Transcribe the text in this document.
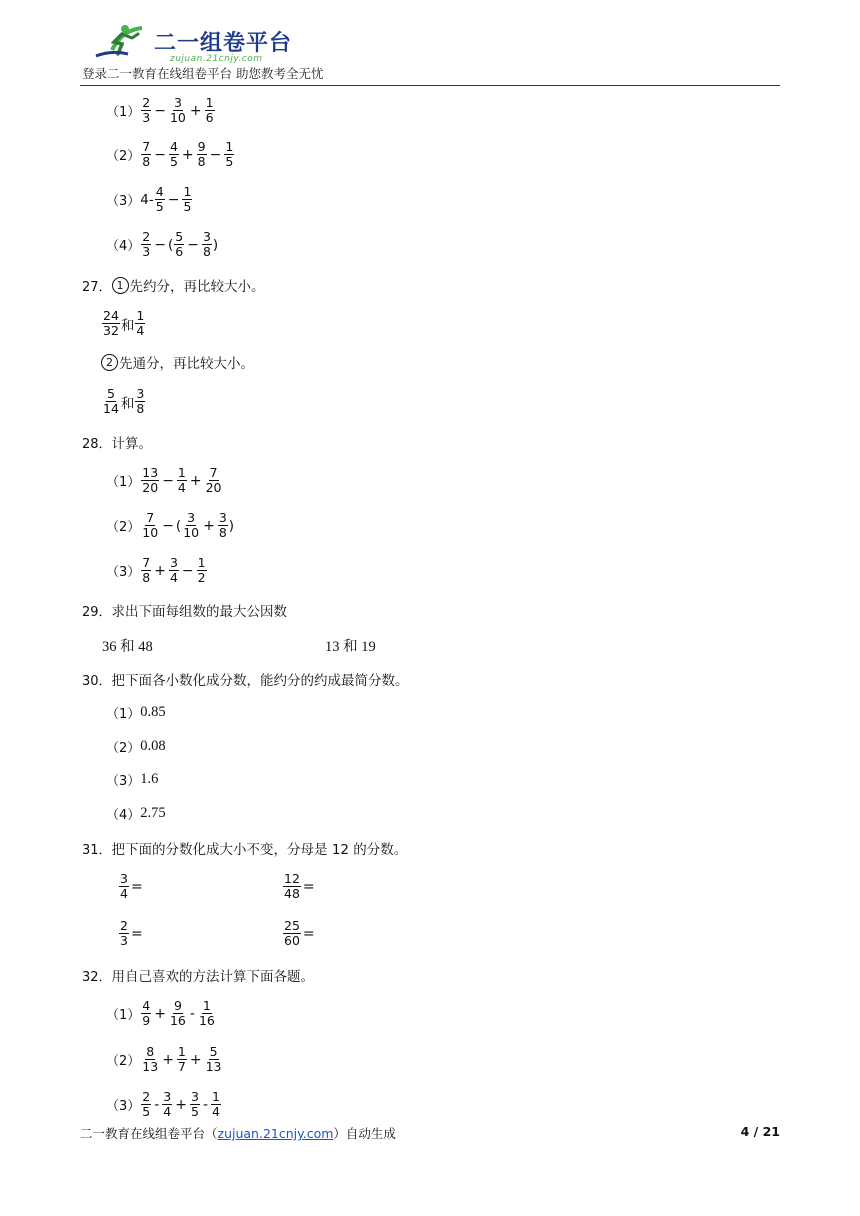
二一组卷平台
zujuan.21cnjy.com
登录二一教育在线组卷平台 助您教考全无忧
$(1) \frac{2}{3} - \frac{3}{10} + \frac{1}{6}$
$(2) \frac{7}{8} - \frac{4}{5} + \frac{9}{8} - \frac{1}{5}$
（3） $4- \frac{4}{5} - \frac{1}{5}$
$(4) \frac{2}{3}$ − ( $\frac{5}{6} - \frac{3}{8}$ )
27． 1 先约分，再比较大小。
$\frac{24}{32}$ 和 $\frac{1}{4}$
2 先通分，再比较大小。
$\frac{5}{14}$ 和 $\frac{3}{8}$
28． 计算。
$(1) \frac{13}{20} - \frac{1}{4} + \frac{7}{20}$
$(2) \frac{7}{10}$ − ( $\frac{3}{10} + \frac{3}{8}$ )
$(3) \frac{7}{8} + \frac{3}{4} - \frac{1}{2}$
29． 求出下面每组数的最大公因数
36 和 48	13 和 19
30． 把下面各小数化成分数，能约分的约成最简分数。
（1） 0.85
（2） 0.08
（3） 1.6
（4） 2.75
31． 把下面的分数化成大小不变，分母是 12 的分数。
$\frac{3}{4}$ =	$\frac{12}{48}$ =
$\frac{2}{3}$ =	$\frac{25}{60}$ =
32． 用自己喜欢的方法计算下面各题。
$(1) \frac{4}{9} + \frac{9}{16} - \frac{1}{16}$
$(2) \frac{8}{13} + \frac{1}{7} + \frac{5}{13}$
$(3) \frac{2}{5} - \frac{3}{4} + \frac{3}{5} - \frac{1}{4}$
二一教育在线组卷平台（zujuan.21cnjy.com）自动生成	4 / 21
